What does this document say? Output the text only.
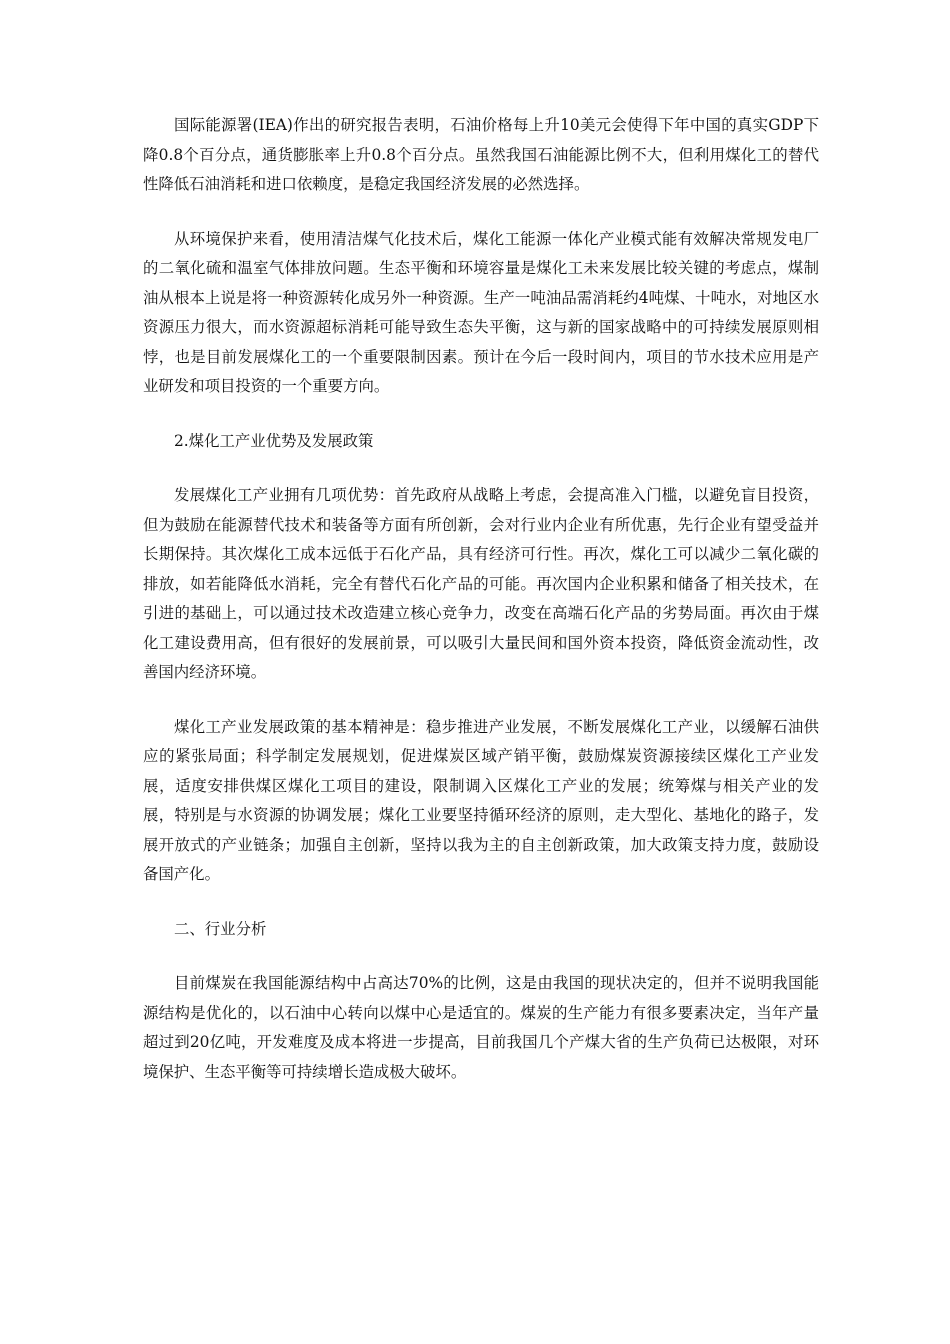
国际能源署(IEA)作出的研究报告表明，石油价格每上升10美元会使得下年中国的真实GDP下降0.8个百分点，通货膨胀率上升0.8个百分点。虽然我国石油能源比例不大，但利用煤化工的替代性降低石油消耗和进口依赖度，是稳定我国经济发展的必然选择。

从环境保护来看，使用清洁煤气化技术后，煤化工能源一体化产业模式能有效解决常规发电厂的二氧化硫和温室气体排放问题。生态平衡和环境容量是煤化工未来发展比较关键的考虑点，煤制油从根本上说是将一种资源转化成另外一种资源。生产一吨油品需消耗约4吨煤、十吨水，对地区水资源压力很大，而水资源超标消耗可能导致生态失平衡，这与新的国家战略中的可持续发展原则相悖，也是目前发展煤化工的一个重要限制因素。预计在今后一段时间内，项目的节水技术应用是产业研发和项目投资的一个重要方向。

2.煤化工产业优势及发展政策

发展煤化工产业拥有几项优势：首先政府从战略上考虑，会提高准入门槛，以避免盲目投资，但为鼓励在能源替代技术和装备等方面有所创新，会对行业内企业有所优惠，先行企业有望受益并长期保持。其次煤化工成本远低于石化产品，具有经济可行性。再次，煤化工可以减少二氧化碳的排放，如若能降低水消耗，完全有替代石化产品的可能。再次国内企业积累和储备了相关技术，在引进的基础上，可以通过技术改造建立核心竞争力，改变在高端石化产品的劣势局面。再次由于煤化工建设费用高，但有很好的发展前景，可以吸引大量民间和国外资本投资，降低资金流动性，改善国内经济环境。

煤化工产业发展政策的基本精神是：稳步推进产业发展，不断发展煤化工产业，以缓解石油供应的紧张局面；科学制定发展规划，促进煤炭区域产销平衡，鼓励煤炭资源接续区煤化工产业发展，适度安排供煤区煤化工项目的建设，限制调入区煤化工产业的发展；统筹煤与相关产业的发展，特别是与水资源的协调发展；煤化工业要坚持循环经济的原则，走大型化、基地化的路子，发展开放式的产业链条；加强自主创新，坚持以我为主的自主创新政策，加大政策支持力度，鼓励设备国产化。

二、行业分析

目前煤炭在我国能源结构中占高达70%的比例，这是由我国的现状决定的，但并不说明我国能源结构是优化的，以石油中心转向以煤中心是适宜的。煤炭的生产能力有很多要素决定，当年产量超过到20亿吨，开发难度及成本将进一步提高，目前我国几个产煤大省的生产负荷已达极限，对环境保护、生态平衡等可持续增长造成极大破坏。
